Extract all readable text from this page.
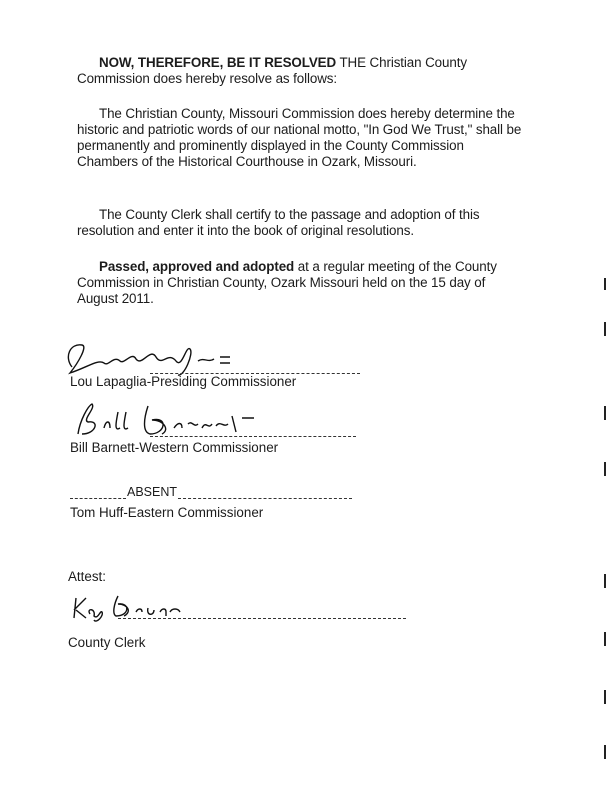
NOW, THEREFORE, BE IT RESOLVED THE Christian County Commission does hereby resolve as follows:

The Christian County, Missouri Commission does hereby determine the historic and patriotic words of our national motto, "In God We Trust," shall be permanently and prominently displayed in the County Commission Chambers of the Historical Courthouse in Ozark, Missouri.

The County Clerk shall certify to the passage and adoption of this resolution and enter it into the book of original resolutions.

Passed, approved and adopted at a regular meeting of the County Commission in Christian County, Ozark Missouri held on the 15 day of August 2011.

Lou Lapaglia-Presiding Commissioner
Bill Barnett-Western Commissioner
ABSENT
Tom Huff-Eastern Commissioner
Attest:
County Clerk
